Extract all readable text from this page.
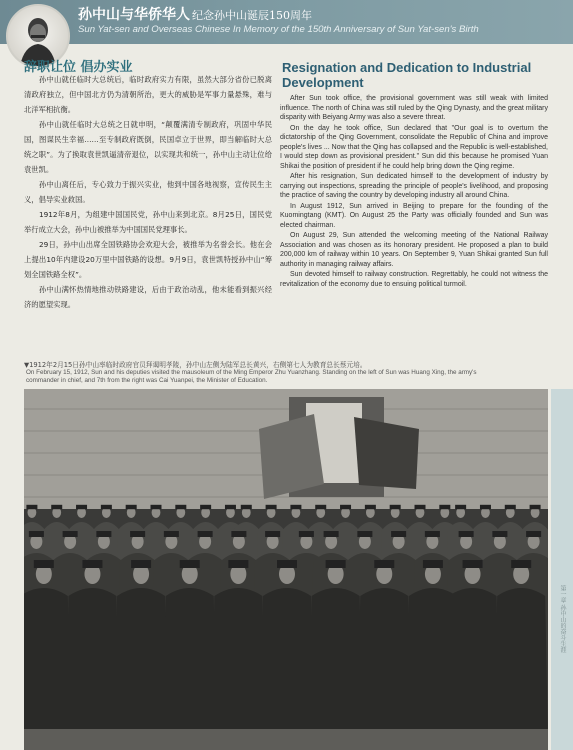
孙中山与华侨华人 纪念孙中山诞辰150周年
Sun Yat-sen and Overseas Chinese In Memory of the 150th Anniversary of Sun Yat-sen's Birth
辞职让位 倡办实业

孙中山就任临时大总统后，临时政府实力有限，虽然大部分省份已脱离清政府独立，但中国北方仍为清朝所治，更大的威胁是军事力量悬殊，难与北洋军相抗衡。

孙中山就任临时大总统之日就申明，“颠覆满清专制政府，巩固中华民国，图谋民生幸福……至专制政府既倒，民国卓立于世界，即当解临时大总统之职”。为了换取袁世凯逼清帝退位，以实现共和统一，孙中山主动让位给袁世凯。

孙中山离任后，专心致力于振兴实业，他到中国各地视察，宣传民生主义，倡导实业救国。

1912年8月，为组建中国国民党，孙中山来到北京。8月25日，国民党举行成立大会，孙中山被推举为中国国民党理事长。

29日，孙中山出席全国铁路协会欢迎大会，被推举为名誉会长。他在会上提出10年内建设20万里中国铁路的设想。9月9日，袁世凯特授孙中山“筹划全国铁路全权”。

孙中山满怀热情地推动铁路建设，后由于政治动乱，他未能看到振兴经济的愿望实现。

Resignation and Dedication to Industrial Development

After Sun took office, the provisional government was still weak with limited influence. The north of China was still ruled by the Qing Dynasty, and the great military disparity with Beiyang Army was also a severe threat.

On the day he took office, Sun declared that "Our goal is to overturn the dictatorship of the Qing Government, consolidate the Republic of China and improve people's lives ... Now that the Qing has collapsed and the Republic is well-established, I would step down as provisional president." Sun did this because he promised Yuan Shikai the position of president if he could help bring down the Qing regime.

After his resignation, Sun dedicated himself to the development of industry by carrying out inspections, spreading the principle of people's livelihood, and proposing the practice of saving the country by developing industry all around China.

In August 1912, Sun arrived in Beijing to prepare for the founding of the Kuomingtang (KMT). On August 25 the Party was officially founded and Sun was elected chairman.

On August 29, Sun attended the welcoming meeting of the National Railway Association and was chosen as its honorary president. He proposed a plan to build 200,000 km of railway within 10 years. On September 9, Yuan Shikai granted Sun full authority in managing railway affairs.

Sun devoted himself to railway construction. Regrettably, he could not witness the revitalization of the economy due to ensuing political turmoil.

▼1912年2月15日孙中山率临时政府官员拜谒明孝陵，孙中山左侧为陆军总长黄兴，右侧第七人为教育总长蔡元培。
On February 15, 1912, Sun and his deputies visited the mausoleum of the Ming Emperor Zhu Yuanzhang. Standing on the left of Sun was Huang Xing, the army's commander in chief, and 7th from the right was Cai Yuanpei, the Minister of Education.
第一章 孙中山的奋斗生涯
